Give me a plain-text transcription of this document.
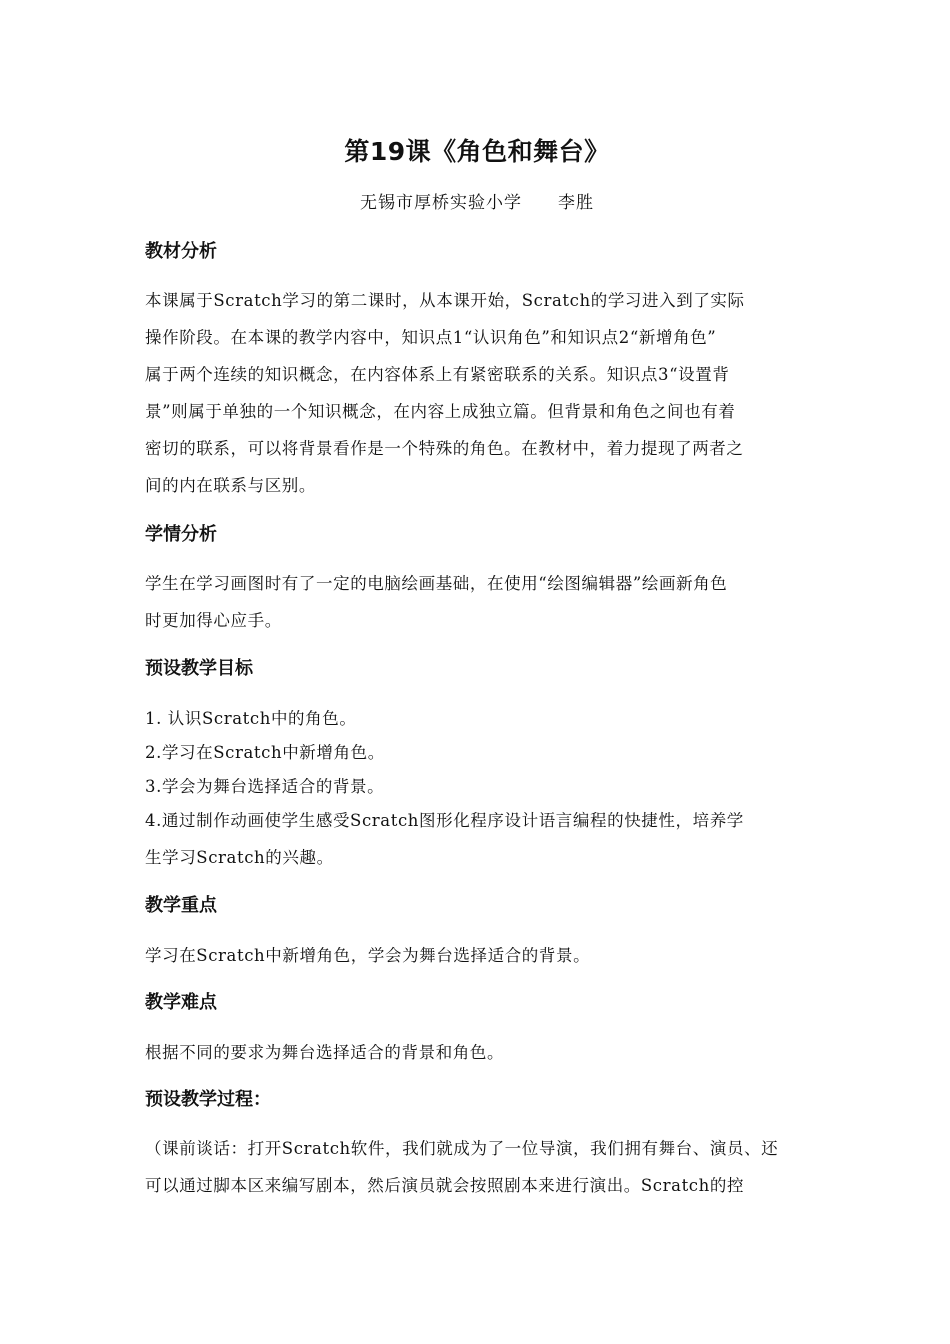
第19课《角色和舞台》
无锡市厚桥实验小学　　李胜
教材分析
本课属于Scratch学习的第二课时，从本课开始，Scratch的学习进入到了实际
操作阶段。在本课的教学内容中，知识点1“认识角色”和知识点2“新增角色”
属于两个连续的知识概念，在内容体系上有紧密联系的关系。知识点3“设置背
景”则属于单独的一个知识概念，在内容上成独立篇。但背景和角色之间也有着
密切的联系，可以将背景看作是一个特殊的角色。在教材中，着力提现了两者之
间的内在联系与区别。
学情分析
学生在学习画图时有了一定的电脑绘画基础，在使用“绘图编辑器”绘画新角色
时更加得心应手。
预设教学目标
1. 认识Scratch中的角色。
2.学习在Scratch中新增角色。
3.学会为舞台选择适合的背景。
4.通过制作动画使学生感受Scratch图形化程序设计语言编程的快捷性，培养学
生学习Scratch的兴趣。
教学重点
学习在Scratch中新增角色，学会为舞台选择适合的背景。
教学难点
根据不同的要求为舞台选择适合的背景和角色。
预设教学过程：
（课前谈话：打开Scratch软件，我们就成为了一位导演，我们拥有舞台、演员、还
可以通过脚本区来编写剧本，然后演员就会按照剧本来进行演出。Scratch的控
